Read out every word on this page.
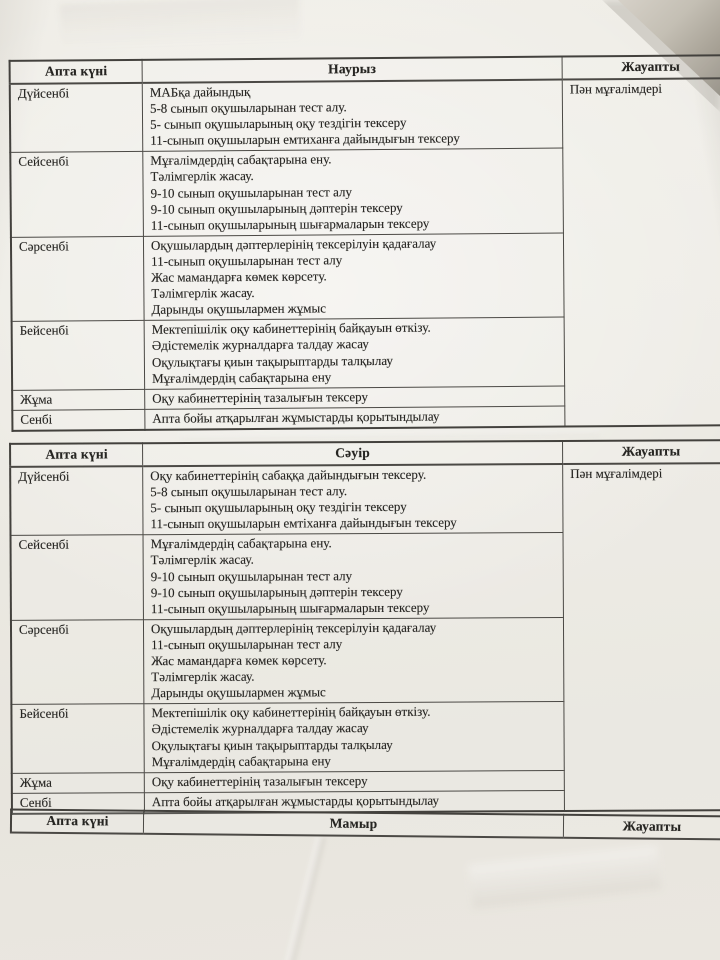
Апта күні	Наурыз	Жауапты
Дүйсенбі	МАБқа дайындық
5-8 сынып оқушыларынан тест алу.
5- сынып оқушыларының оқу тездігін тексеру
11-сынып оқушыларын емтиханға дайындығын тексеру	Пән мұғалімдері
Сейсенбі	Мұғалімдердің сабақтарына ену.
Тәлімгерлік жасау.
9-10 сынып оқушыларынан тест алу
9-10 сынып оқушыларының дәптерін тексеру
11-сынып оқушыларының шығармаларын тексеру	

Сәрсенбі	Оқушылардың дәптерлерінің тексерілуін қадағалау
11-сынып оқушыларынан тест алу
Жас мамандарға көмек көрсету.
Тәлімгерлік жасау.
Дарынды оқушылармен жұмыс	

Бейсенбі	Мектепішілік оқу кабинеттерінің байқауын өткізу.
Әдістемелік журналдарға талдау жасау
Оқулықтағы қиын тақырыптарды талқылау
Мұғалімдердің сабақтарына ену	

Жұма	Оқу кабинеттерінің тазалығын тексеру	

Сенбі	Апта бойы атқарылған жұмыстарды қорытындылау	
Апта күні	Сәуір	Жауапты
Дүйсенбі	Оқу кабинеттерінің сабаққа дайындығын тексеру.
5-8 сынып оқушыларынан тест алу.
5- сынып оқушыларының оқу тездігін тексеру
11-сынып оқушыларын емтіханға дайындығын тексеру	Пән мұғалімдері
Сейсенбі	Мұғалімдердің сабақтарына ену.
Тәлімгерлік жасау.
9-10 сынып оқушыларынан тест алу
9-10 сынып оқушыларының дәптерін тексеру
11-сынып оқушыларының шығармаларын тексеру	

Сәрсенбі	Оқушылардың дәптерлерінің тексерілуін қадағалау
11-сынып оқушыларынан тест алу
Жас мамандарға көмек көрсету.
Тәлімгерлік жасау.
Дарынды оқушылармен жұмыс	

Бейсенбі	Мектепішілік оқу кабинеттерінің байқауын өткізу.
Әдістемелік журналдарға талдау жасау
Оқулықтағы қиын тақырыптарды талқылау
Мұғалімдердің сабақтарына ену	

Жұма	Оқу кабинеттерінің тазалығын тексеру	

Сенбі	Апта бойы атқарылған жұмыстарды қорытындылау	
Апта күні	Мамыр	Жауапты
